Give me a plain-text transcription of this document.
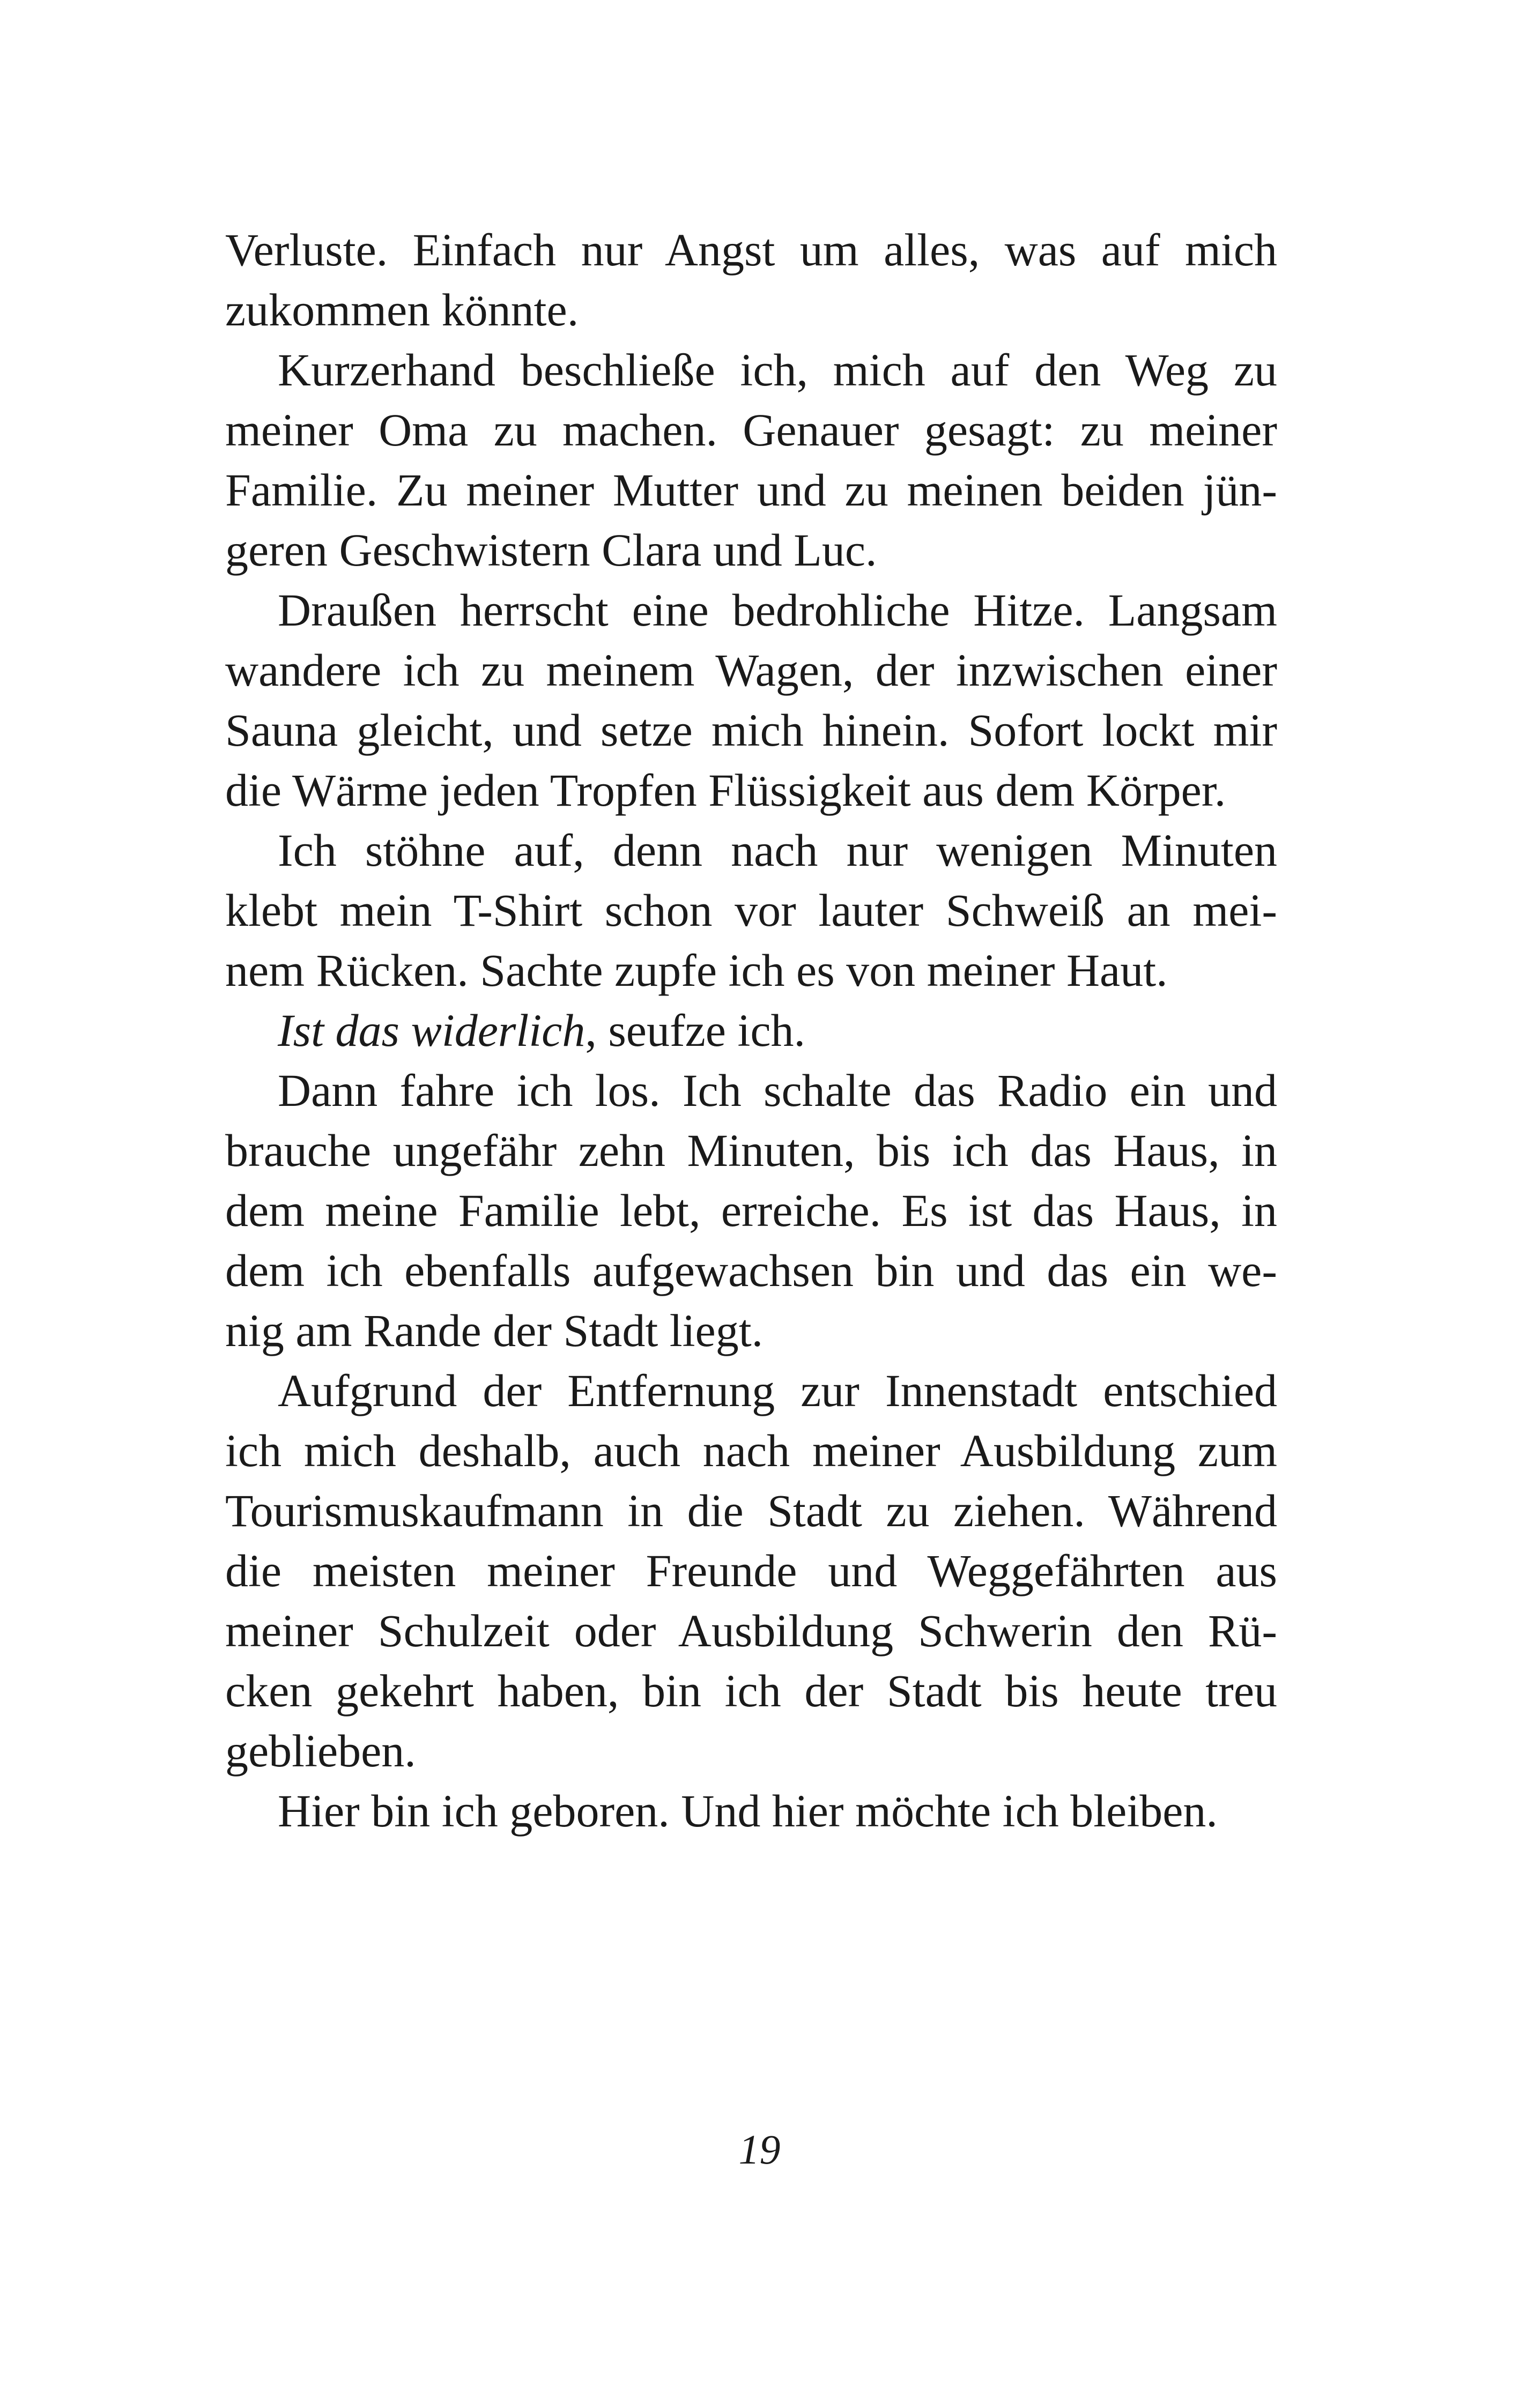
Verluste. Einfach nur Angst um alles, was auf mich
zukommen könnte.
Kurzerhand beschließe ich, mich auf den Weg zu
meiner Oma zu machen. Genauer gesagt: zu meiner
Familie. Zu meiner Mutter und zu meinen beiden jün-
geren Geschwistern Clara und Luc.
Draußen herrscht eine bedrohliche Hitze. Langsam
wandere ich zu meinem Wagen, der inzwischen einer
Sauna gleicht, und setze mich hinein. Sofort lockt mir
die Wärme jeden Tropfen Flüssigkeit aus dem Körper.
Ich stöhne auf, denn nach nur wenigen Minuten
klebt mein T-Shirt schon vor lauter Schweiß an mei-
nem Rücken. Sachte zupfe ich es von meiner Haut.
Ist das widerlich, seufze ich.
Dann fahre ich los. Ich schalte das Radio ein und
brauche ungefähr zehn Minuten, bis ich das Haus, in
dem meine Familie lebt, erreiche. Es ist das Haus, in
dem ich ebenfalls aufgewachsen bin und das ein we-
nig am Rande der Stadt liegt.
Aufgrund der Entfernung zur Innenstadt entschied
ich mich deshalb, auch nach meiner Ausbildung zum
Tourismuskaufmann in die Stadt zu ziehen. Während
die meisten meiner Freunde und Weggefährten aus
meiner Schulzeit oder Ausbildung Schwerin den Rü-
cken gekehrt haben, bin ich der Stadt bis heute treu
geblieben.
Hier bin ich geboren. Und hier möchte ich bleiben.
19
